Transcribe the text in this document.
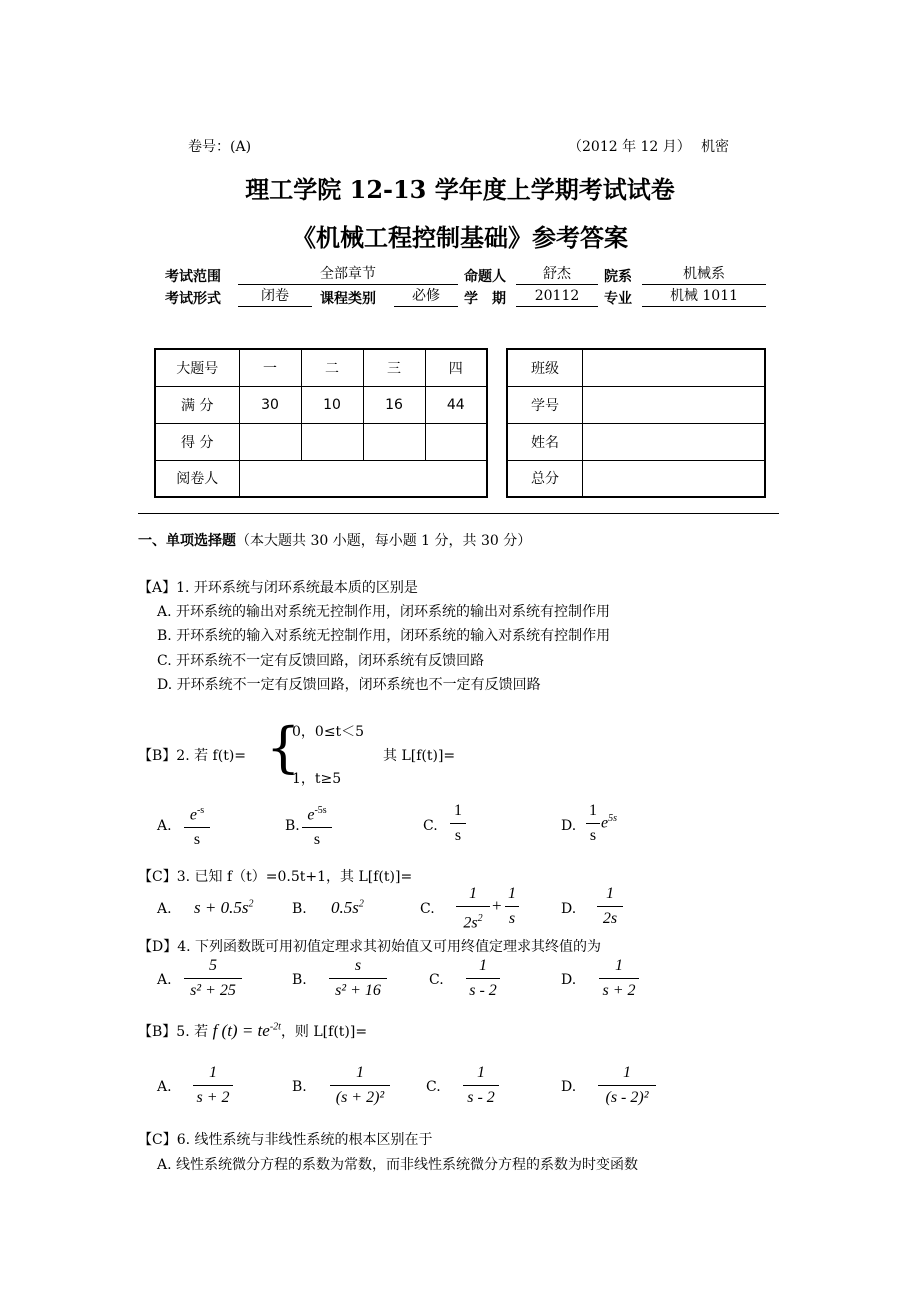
卷号：(A)	（2012 年 12 月） 机密
理工学院 12-13 学年度上学期考试试卷
《机械工程控制基础》参考答案
考试范围	全部章节	命题人	舒杰	院系	机械系
考试形式	闭卷	课程类别	必修	学　期	20112	专业	机械 1011
大题号	一	二	三	四
满 分	30	10	16	44
得 分				
阅卷人				
班级	
学号	
姓名	
总分	
一、单项选择题（本大题共 30 小题，每小题 1 分，共 30 分）
【A】1. 开环系统与闭环系统最本质的区别是
A. 开环系统的输出对系统无控制作用，闭环系统的输出对系统有控制作用
B. 开环系统的输入对系统无控制作用，闭环系统的输入对系统有控制作用
C. 开环系统不一定有反馈回路，闭环系统有反馈回路
D. 开环系统不一定有反馈回路，闭环系统也不一定有反馈回路
【B】2. 若 f(t)= {
0，0≤t＜5
1，t≥5
其 L[f(t)]=
A.
$e^{-s}$
s
B.
$e^{-5s}$
s
C.
1
s
D.
1
s
$e^{5s}$
【C】3. 已知 f（t）=0.5t+1，其 L[f(t)]=
A. $s + 0.5s^2$	B. $0.5s^2$	C.
1
$2s^2$
+
1
s
D.
1
2s
【D】4. 下列函数既可用初值定理求其初始值又可用终值定理求其终值的为
A.
5
s² + 25
B.
s
s² + 16
C.
1
s - 2
D.
1
s + 2
【B】5. 若 f $(t) = te^{-2t}$，则 L[f(t)]=
A.
1
s + 2
B.
1
(s + 2)²
C.
1
s - 2
D.
1
(s - 2)²
【C】6. 线性系统与非线性系统的根本区别在于
A. 线性系统微分方程的系数为常数，而非线性系统微分方程的系数为时变函数
